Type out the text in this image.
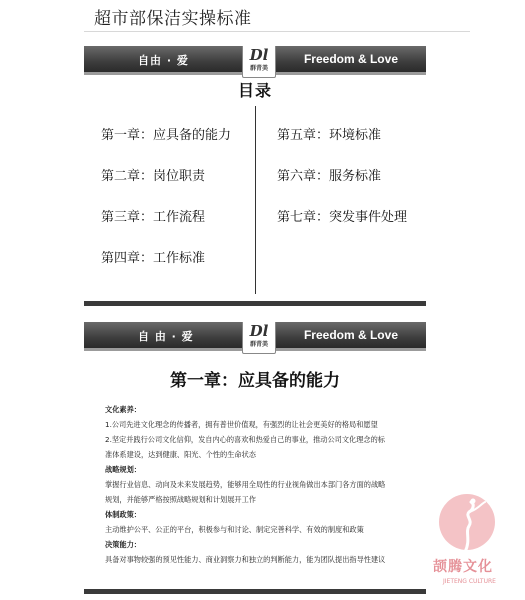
超市部保洁实操标准
自由 · 爱	Dl
群青美
Freedom & Love
目录
第一章：应具备的能力
第二章：岗位职责
第三章：工作流程
第四章：工作标准
第五章：环境标准
第六章：服务标准
第七章：突发事件处理
自 由 · 爱	Dl
群青美
Freedom & Love
第一章：应具备的能力
文化素养：
1.公司先进文化理念的传播者，拥有普世价值观，有强烈的让社会更美好的格局和愿望
2.坚定并践行公司文化信仰，发自内心的喜欢和热爱自己的事业，推动公司文化理念的标
准体系建设，达到健康、阳光、个性的生命状态
战略规划：
掌握行业信息、动向及未来发展趋势，能够用全局性的行业视角做出本部门各方面的战略
规划，并能够严格按照战略规划和计划展开工作
体制政策：
主动维护公平、公正的平台，积极参与和讨论、制定完善科学、有效的制度和政策
决策能力：
具备对事物较强的预见性能力、商业洞察力和独立的判断能力，能为团队提出指导性建议	颉腾文化
JIETENG CULTURE
